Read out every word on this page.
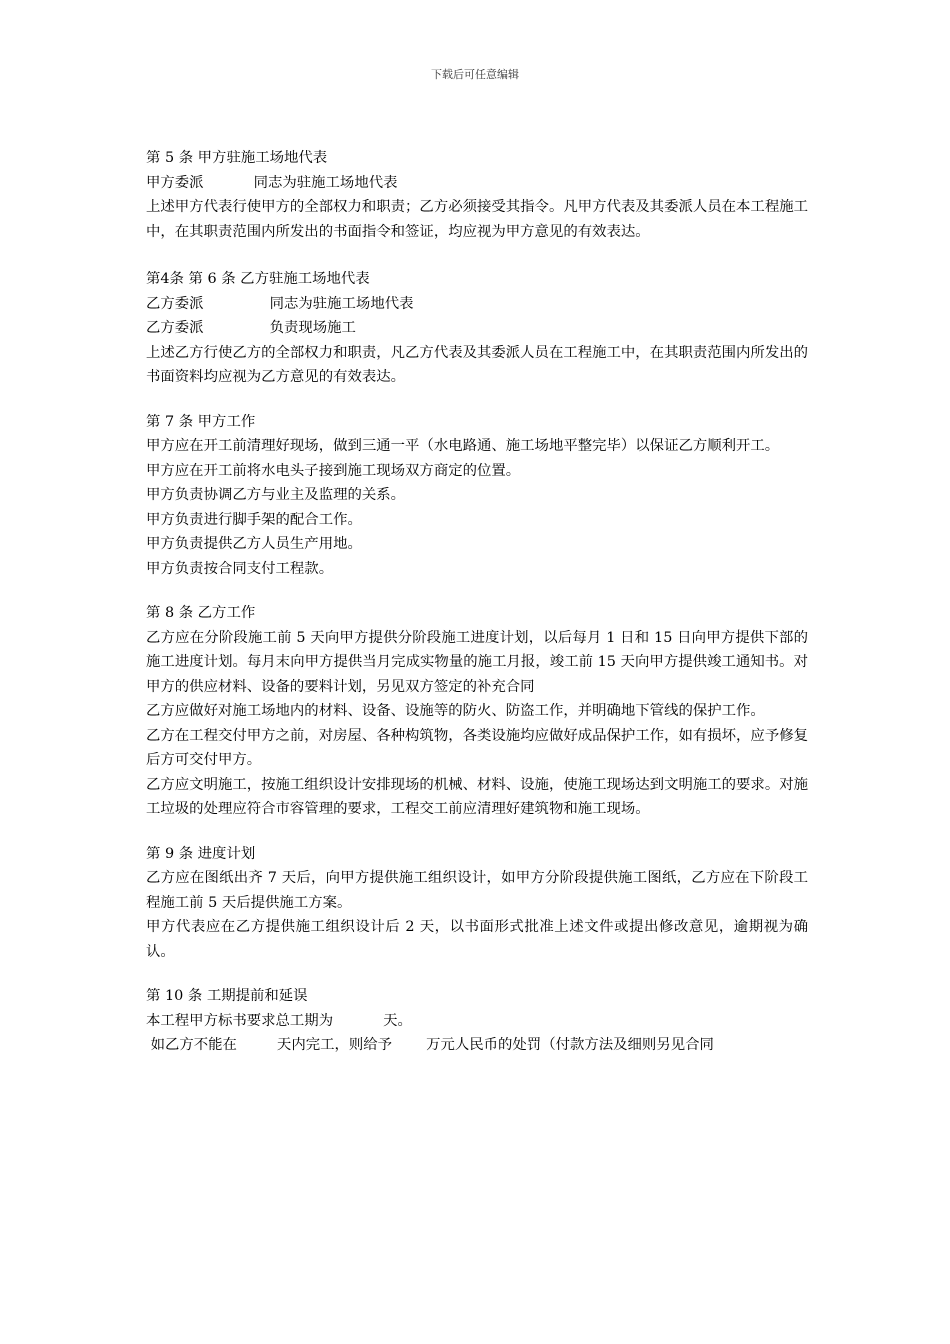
下载后可任意编辑
第 5 条 甲方驻施工场地代表
甲方委派	同志为驻施工场地代表
上述甲方代表行使甲方的全部权力和职责；乙方必须接受其指令。凡甲方代表及其委派人员在本工程施工中，在其职责范围内所发出的书面指令和签证，均应视为甲方意见的有效表达。
第4条 第 6 条 乙方驻施工场地代表
乙方委派	同志为驻施工场地代表
乙方委派	负责现场施工
上述乙方行使乙方的全部权力和职责，凡乙方代表及其委派人员在工程施工中，在其职责范围内所发出的书面资料均应视为乙方意见的有效表达。
第 7 条 甲方工作
甲方应在开工前清理好现场，做到三通一平（水电路通、施工场地平整完毕）以保证乙方顺利开工。
甲方应在开工前将水电头子接到施工现场双方商定的位置。
甲方负责协调乙方与业主及监理的关系。
甲方负责进行脚手架的配合工作。
甲方负责提供乙方人员生产用地。
甲方负责按合同支付工程款。
第 8 条 乙方工作
乙方应在分阶段施工前 5 天向甲方提供分阶段施工进度计划，以后每月 1 日和 15 日向甲方提供下部的施工进度计划。每月末向甲方提供当月完成实物量的施工月报，竣工前 15 天向甲方提供竣工通知书。对甲方的供应材料、设备的要料计划，另见双方签定的补充合同
乙方应做好对施工场地内的材料、设备、设施等的防火、防盗工作，并明确地下管线的保护工作。
乙方在工程交付甲方之前，对房屋、各种构筑物，各类设施均应做好成品保护工作，如有损坏，应予修复后方可交付甲方。
乙方应文明施工，按施工组织设计安排现场的机械、材料、设施，使施工现场达到文明施工的要求。对施工垃圾的处理应符合市容管理的要求，工程交工前应清理好建筑物和施工现场。
第 9 条 进度计划
乙方应在图纸出齐 7 天后，向甲方提供施工组织设计，如甲方分阶段提供施工图纸，乙方应在下阶段工程施工前 5 天后提供施工方案。
甲方代表应在乙方提供施工组织设计后 2 天，以书面形式批准上述文件或提出修改意见，逾期视为确认。
第 10 条 工期提前和延误
本工程甲方标书要求总工期为	天。
如乙方不能在	天内完工，则给予 万元人民币的处罚（付款方法及细则另见合同
